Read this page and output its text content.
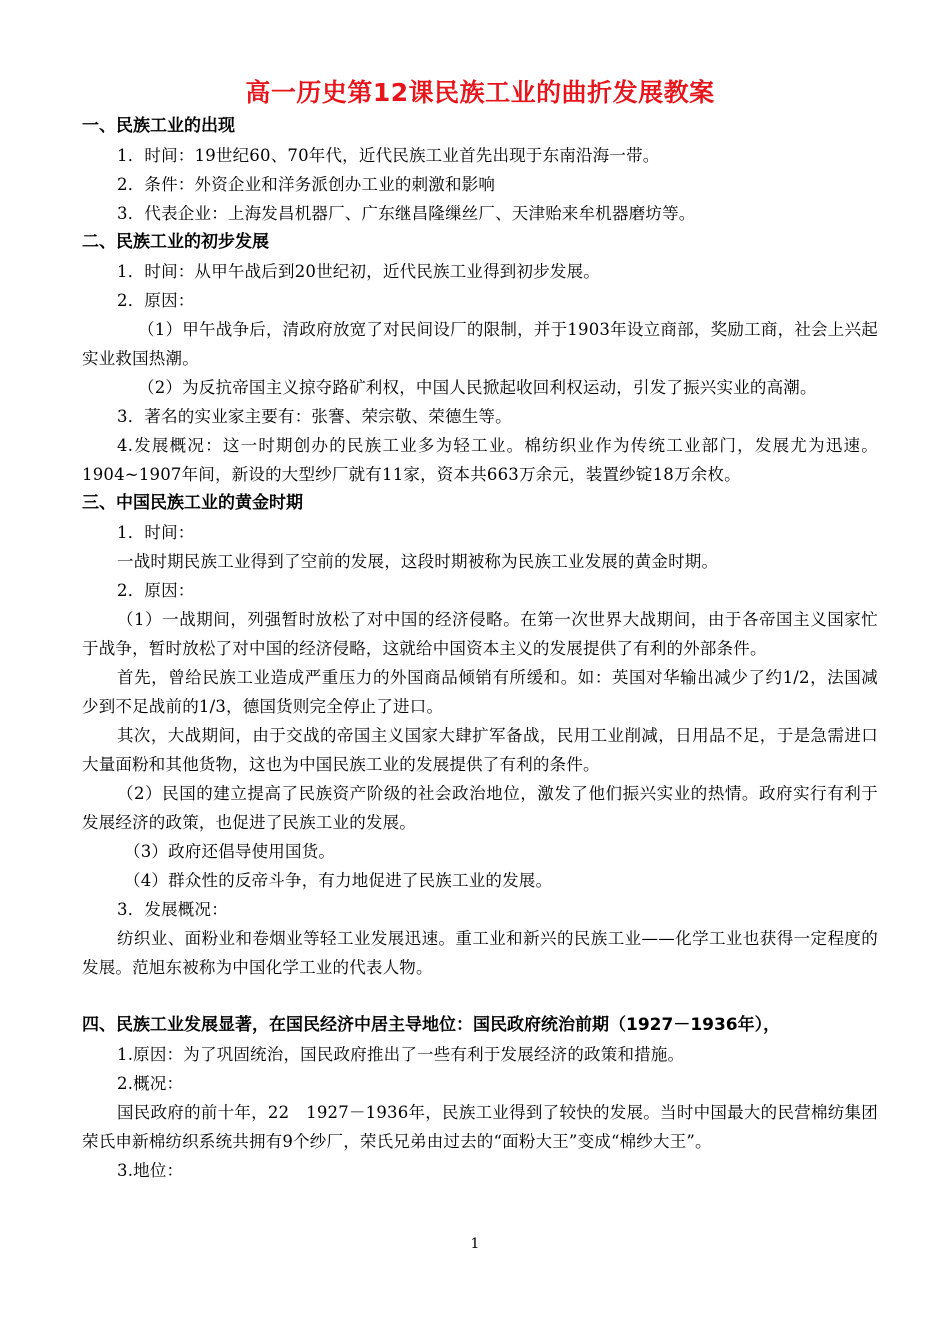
高一历史第12课民族工业的曲折发展教案
一、民族工业的出现
1．时间：19世纪60、70年代，近代民族工业首先出现于东南沿海一带。
2．条件：外资企业和洋务派创办工业的刺激和影响
3．代表企业：上海发昌机器厂、广东继昌隆缫丝厂、天津贻来牟机器磨坊等。
二、民族工业的初步发展
1．时间：从甲午战后到20世纪初，近代民族工业得到初步发展。
2．原因：
（1）甲午战争后，清政府放宽了对民间设厂的限制，并于1903年设立商部，奖励工商，社会上兴起实业救国热潮。
（2）为反抗帝国主义掠夺路矿利权，中国人民掀起收回利权运动，引发了振兴实业的高潮。
3．著名的实业家主要有：张謇、荣宗敬、荣德生等。
4.发展概况：这一时期创办的民族工业多为轻工业。棉纺织业作为传统工业部门，发展尤为迅速。1904~1907年间，新设的大型纱厂就有11家，资本共663万余元，装置纱锭18万余枚。
三、中国民族工业的黄金时期
1．时间：
一战时期民族工业得到了空前的发展，这段时期被称为民族工业发展的黄金时期。
2．原因：
（1）一战期间，列强暂时放松了对中国的经济侵略。在第一次世界大战期间，由于各帝国主义国家忙于战争，暂时放松了对中国的经济侵略，这就给中国资本主义的发展提供了有利的外部条件。
首先，曾给民族工业造成严重压力的外国商品倾销有所缓和。如：英国对华输出减少了约1/2，法国减少到不足战前的1/3，德国货则完全停止了进口。
其次，大战期间，由于交战的帝国主义国家大肆扩军备战，民用工业削减，日用品不足，于是急需进口大量面粉和其他货物，这也为中国民族工业的发展提供了有利的条件。
（2）民国的建立提高了民族资产阶级的社会政治地位，激发了他们振兴实业的热情。政府实行有利于发展经济的政策，也促进了民族工业的发展。
（3）政府还倡导使用国货。
（4）群众性的反帝斗争，有力地促进了民族工业的发展。
3．发展概况：
纺织业、面粉业和卷烟业等轻工业发展迅速。重工业和新兴的民族工业——化学工业也获得一定程度的发展。范旭东被称为中国化学工业的代表人物。
四、民族工业发展显著，在国民经济中居主导地位：国民政府统治前期（1927－1936年），
1.原因：为了巩固统治，国民政府推出了一些有利于发展经济的政策和措施。
2.概况：
国民政府的前十年，22　1927－1936年，民族工业得到了较快的发展。当时中国最大的民营棉纺集团荣氏申新棉纺织系统共拥有9个纱厂，荣氏兄弟由过去的“面粉大王”变成“棉纱大王”。
3.地位：
1
